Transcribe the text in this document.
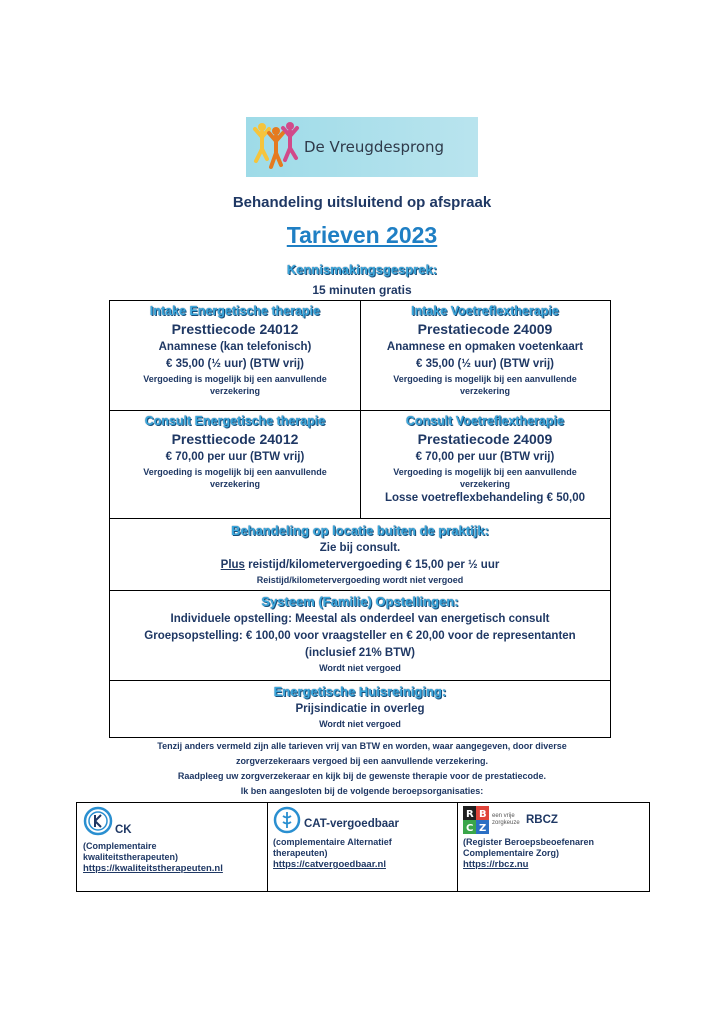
De Vreugdesprong
Behandeling uitsluitend op afspraak
Tarieven 2023
Kennismakingsgesprek:
15 minuten gratis
Intake Energetische therapie
Presttiecode 24012
Anamnese (kan telefonisch)
€ 35,00 (½ uur) (BTW vrij)
Vergoeding is mogelijk bij een aanvullende verzekering
Intake Voetreflextherapie
Prestatiecode 24009
Anamnese en opmaken voetenkaart
€ 35,00 (½ uur) (BTW vrij)
Vergoeding is mogelijk bij een aanvullende verzekering
Consult Energetische therapie
Presttiecode 24012
€ 70,00 per uur (BTW vrij)
Vergoeding is mogelijk bij een aanvullende verzekering
Consult Voetreflextherapie
Prestatiecode 24009
€ 70,00 per uur (BTW vrij)
Vergoeding is mogelijk bij een aanvullende verzekering
Losse voetreflexbehandeling € 50,00
Behandeling op locatie buiten de praktijk:
Zie bij consult.
Plus reistijd/kilometervergoeding € 15,00 per ½ uur
Reistijd/kilometervergoeding wordt niet vergoed
Systeem (Familie) Opstellingen:
Individuele opstelling: Meestal als onderdeel van energetisch consult
Groepsopstelling: € 100,00 voor vraagsteller en € 20,00 voor de representanten
(inclusief 21% BTW)
Wordt niet vergoed
Energetische Huisreiniging:
Prijsindicatie in overleg
Wordt niet vergoed
Tenzij anders vermeld zijn alle tarieven vrij van BTW en worden, waar aangegeven, door diverse
zorgverzekeraars vergoed bij een aanvullende verzekering.
Raadpleeg uw zorgverzekeraar en kijk bij de gewenste therapie voor de prestatiecode.
Ik ben aangesloten bij de volgende beroepsorganisaties:
CK
(Complementaire
kwaliteitstherapeuten)
https://kwaliteitstherapeuten.nl
CAT-vergoedbaar
(complementaire Alternatief
therapeuten)
https://catvergoedbaar.nl
R B
C Z
een vrije zorgkeuze RBCZ
(Register Beroepsbeoefenaren
Complementaire Zorg)
https://rbcz.nu
